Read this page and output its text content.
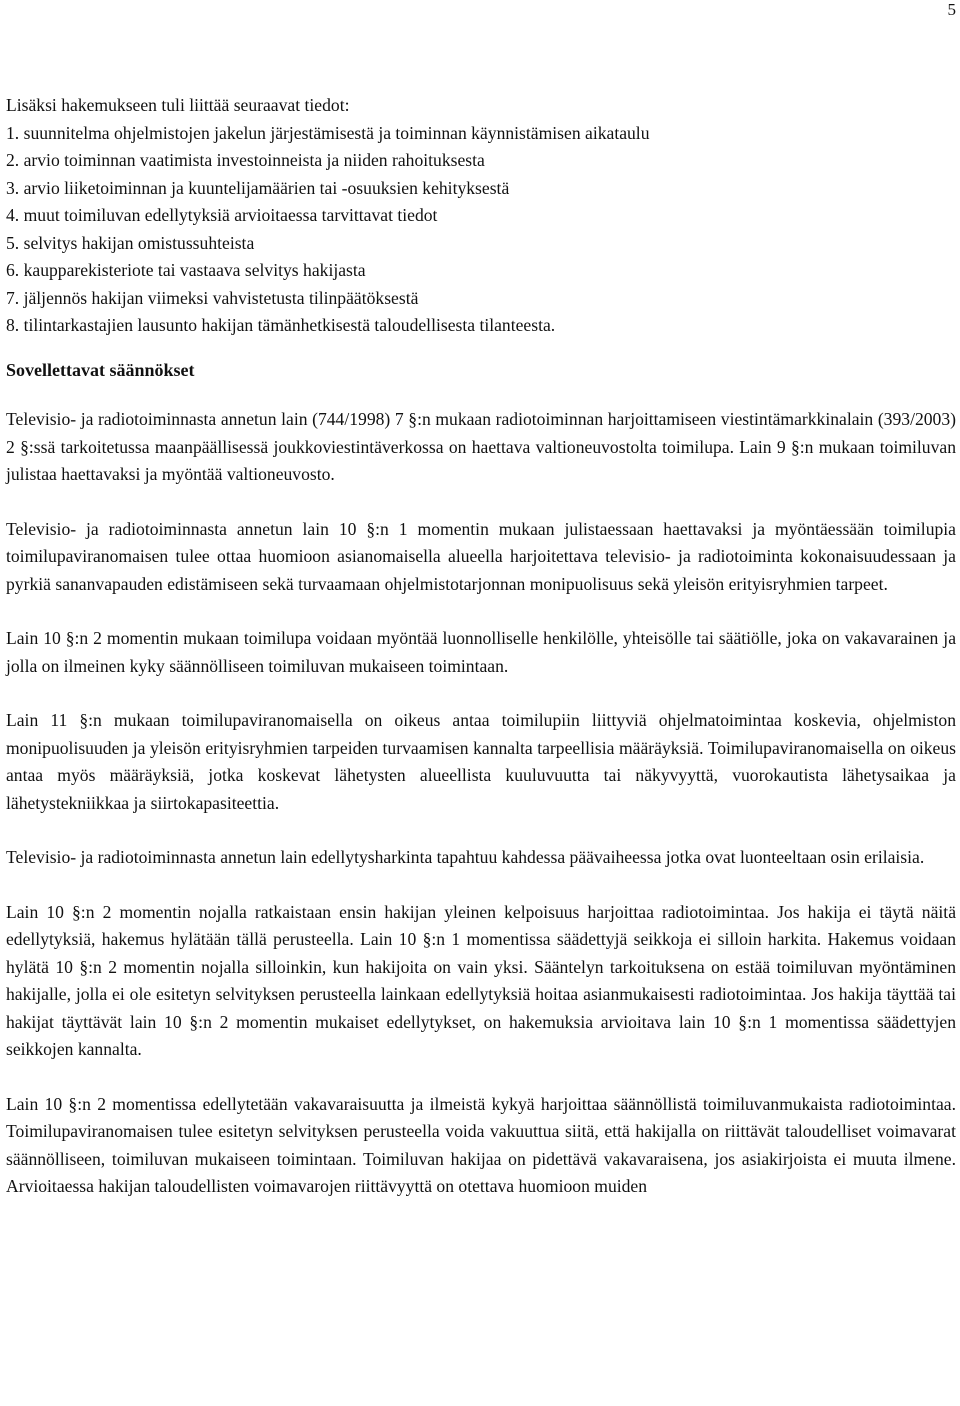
5

Lisäksi hakemukseen tuli liittää seuraavat tiedot:

1. suunnitelma ohjelmistojen jakelun järjestämisestä ja toiminnan käynnistämisen aikataulu
2. arvio toiminnan vaatimista investoinneista ja niiden rahoituksesta
3. arvio liiketoiminnan ja kuuntelijamäärien tai -osuuksien kehityksestä
4. muut toimiluvan edellytyksiä arvioitaessa tarvittavat tiedot
5. selvitys hakijan omistussuhteista
6. kaupparekisteriote tai vastaava selvitys hakijasta
7. jäljennös hakijan viimeksi vahvistetusta tilinpäätöksestä
8. tilintarkastajien lausunto hakijan tämänhetkisestä taloudellisesta tilanteesta.
Sovellettavat säännökset

Televisio- ja radiotoiminnasta annetun lain (744/1998) 7 §:n mukaan radiotoiminnan harjoittamiseen viestintämarkkinalain (393/2003) 2 §:ssä tarkoitetussa maanpäällisessä joukkoviestintäverkossa on haettava valtioneuvostolta toimilupa. Lain 9 §:n mukaan toimiluvan julistaa haettavaksi ja myöntää valtioneuvosto.

Televisio- ja radiotoiminnasta annetun lain 10 §:n 1 momentin mukaan julistaessaan haettavaksi ja myöntäessään toimilupia toimilupaviranomaisen tulee ottaa huomioon asianomaisella alueella harjoitettava televisio- ja radiotoiminta kokonaisuudessaan ja pyrkiä sananvapauden edistämiseen sekä turvaamaan ohjelmistotarjonnan monipuolisuus sekä yleisön erityisryhmien tarpeet.

Lain 10 §:n 2 momentin mukaan toimilupa voidaan myöntää luonnolliselle henkilölle, yhteisölle tai säätiölle, joka on vakavarainen ja jolla on ilmeinen kyky säännölliseen toimiluvan mukaiseen toimintaan.

Lain 11 §:n mukaan toimilupaviranomaisella on oikeus antaa toimilupiin liittyviä ohjelmatoimintaa koskevia, ohjelmiston monipuolisuuden ja yleisön erityisryhmien tarpeiden turvaamisen kannalta tarpeellisia määräyksiä. Toimilupaviranomaisella on oikeus antaa myös määräyksiä, jotka koskevat lähetysten alueellista kuuluvuutta tai näkyvyyttä, vuorokautista lähetysaikaa ja lähetystekniikkaa ja siirtokapasiteettia.

Televisio- ja radiotoiminnasta annetun lain edellytysharkinta tapahtuu kahdessa päävaiheessa jotka ovat luonteeltaan osin erilaisia.

Lain 10 §:n 2 momentin nojalla ratkaistaan ensin hakijan yleinen kelpoisuus harjoittaa radiotoimintaa. Jos hakija ei täytä näitä edellytyksiä, hakemus hylätään tällä perusteella. Lain 10 §:n 1 momentissa säädettyjä seikkoja ei silloin harkita. Hakemus voidaan hylätä 10 §:n 2 momentin nojalla silloinkin, kun hakijoita on vain yksi. Sääntelyn tarkoituksena on estää toimiluvan myöntäminen hakijalle, jolla ei ole esitetyn selvityksen perusteella lainkaan edellytyksiä hoitaa asianmukaisesti radiotoimintaa. Jos hakija täyttää tai hakijat täyttävät lain 10 §:n 2 momentin mukaiset edellytykset, on hakemuksia arvioitava lain 10 §:n 1 momentissa säädettyjen seikkojen kannalta.

Lain 10 §:n 2 momentissa edellytetään vakavaraisuutta ja ilmeistä kykyä harjoittaa säännöllistä toimiluvanmukaista radiotoimintaa. Toimilupaviranomaisen tulee esitetyn selvityksen perusteella voida vakuuttua siitä, että hakijalla on riittävät taloudelliset voimavarat säännölliseen, toimiluvan mukaiseen toimintaan. Toimiluvan hakijaa on pidettävä vakavaraisena, jos asiakirjoista ei muuta ilmene. Arvioitaessa hakijan taloudellisten voimavarojen riittävyyttä on otettava huomioon muiden
